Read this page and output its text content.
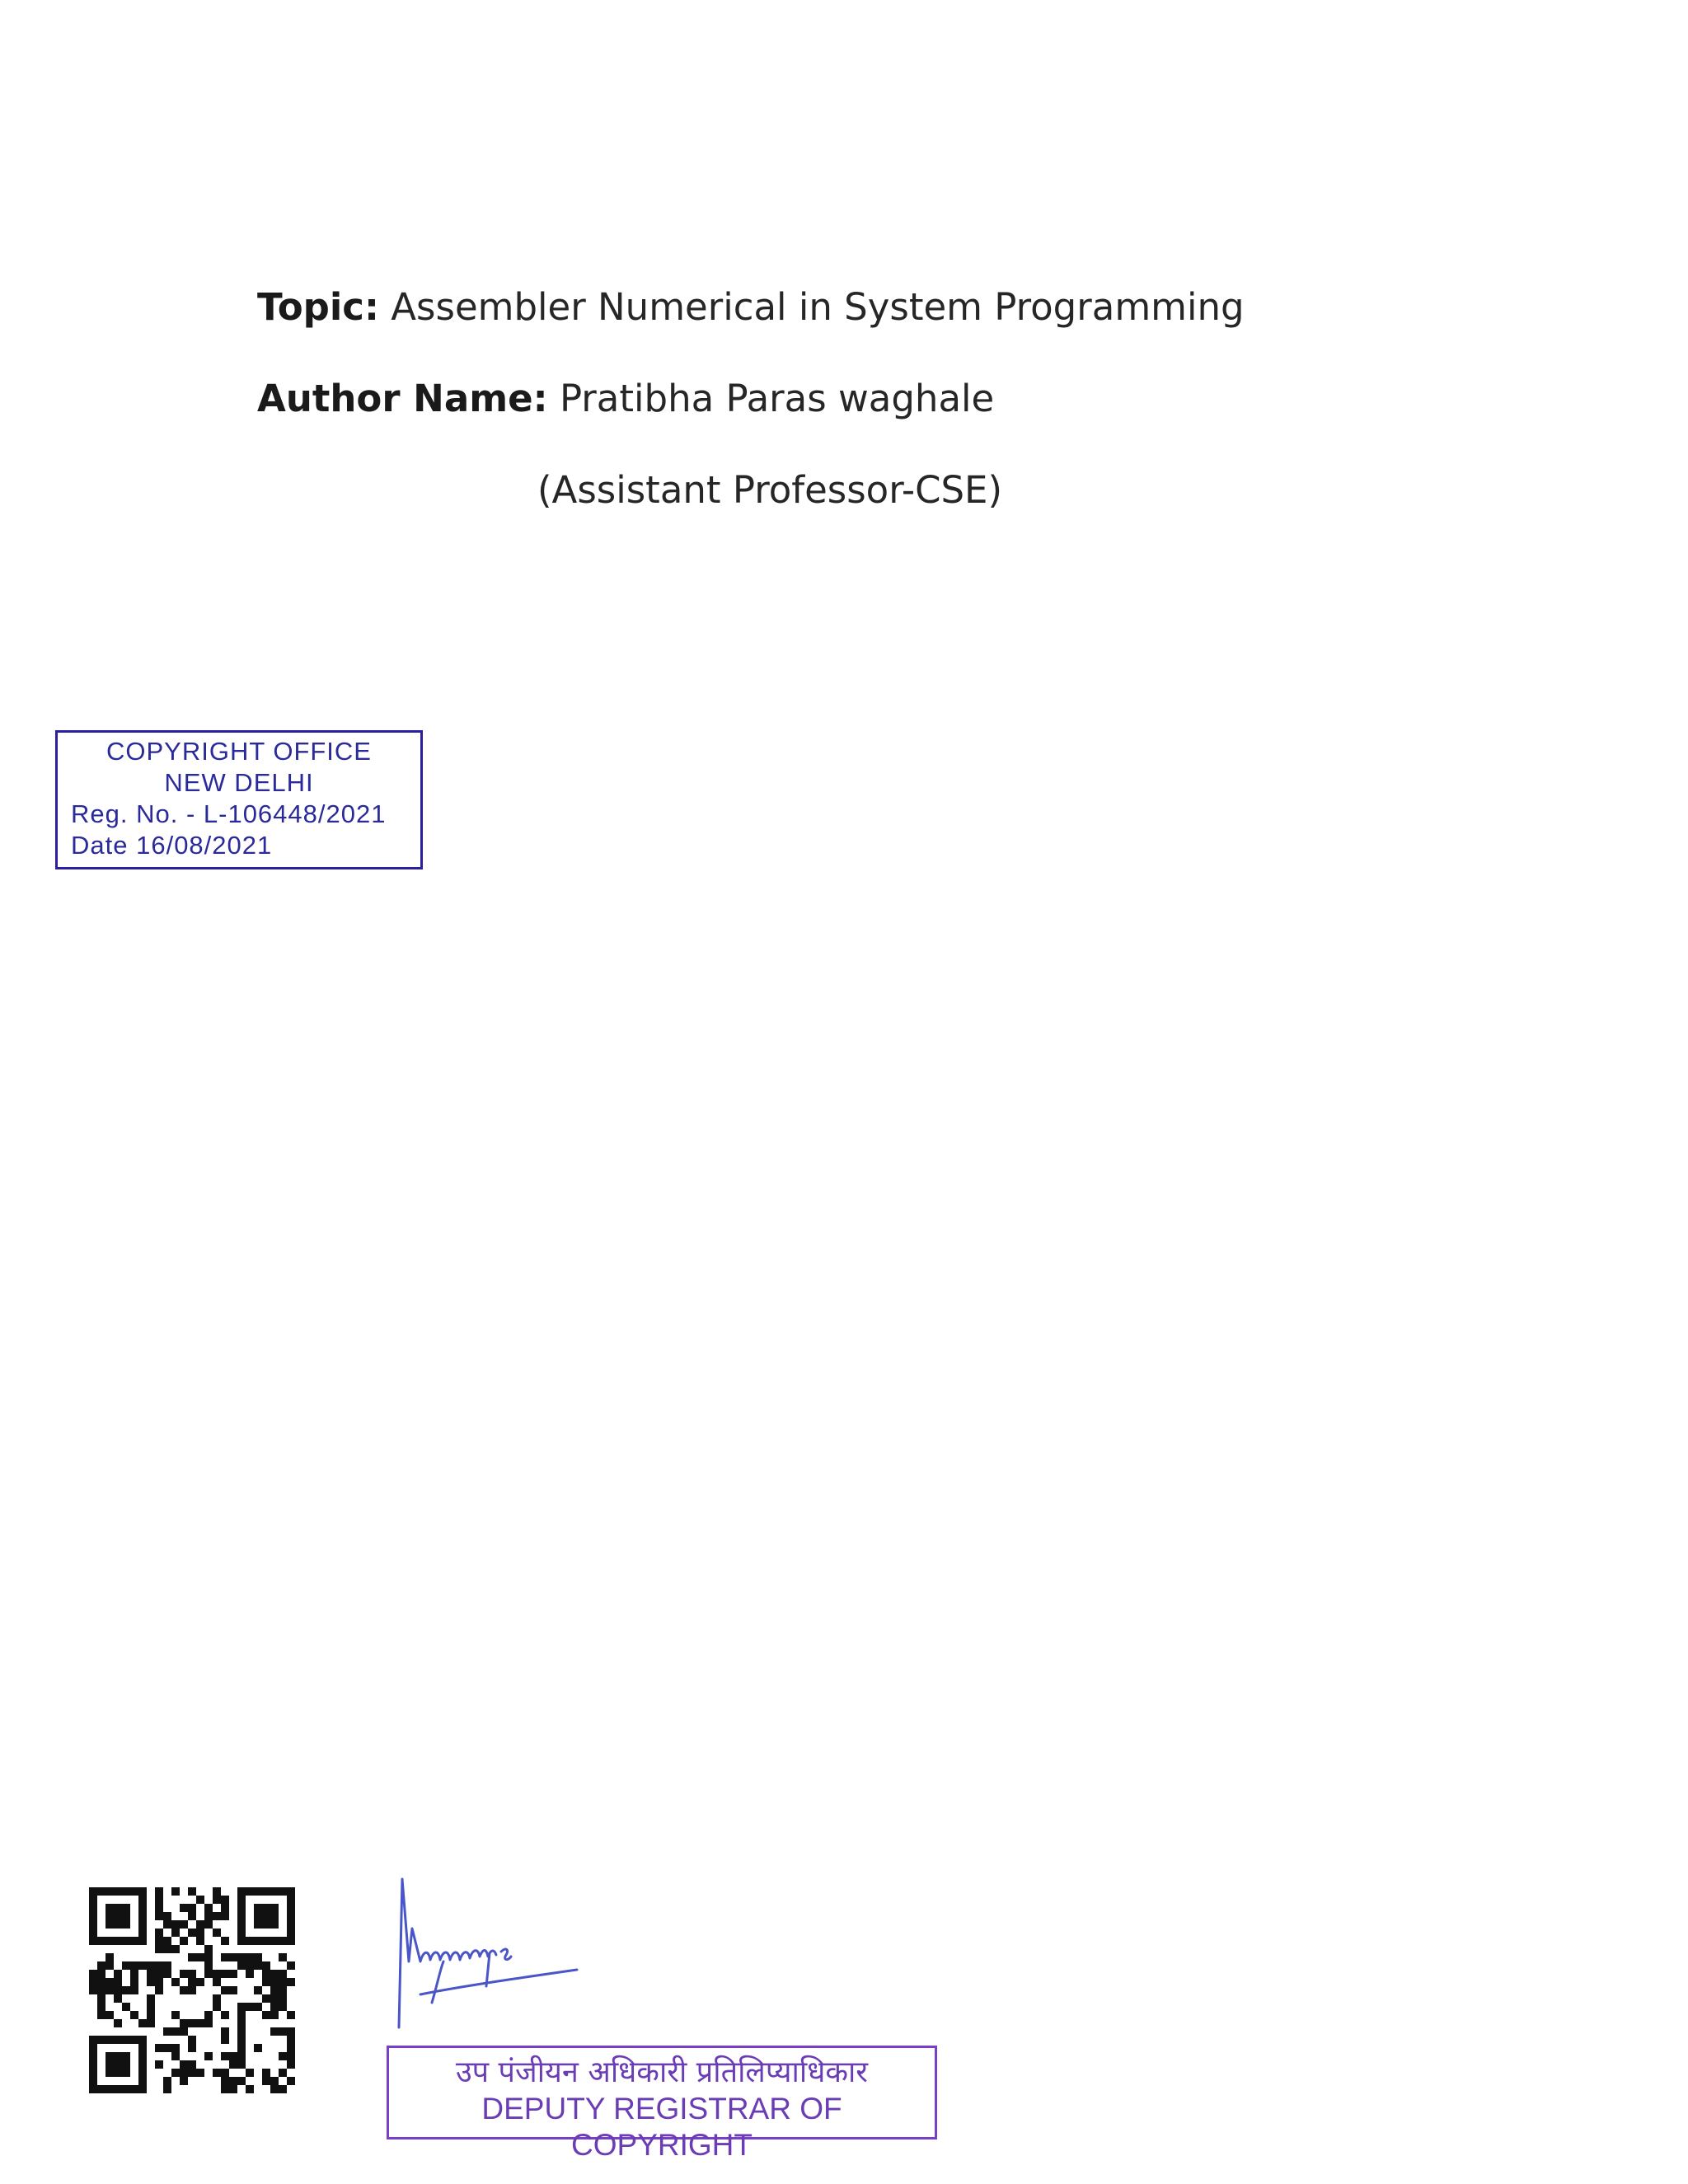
Topic: Assembler Numerical in System Programming
Author Name: Pratibha Paras waghale
(Assistant Professor-CSE)
COPYRIGHT OFFICE
NEW DELHI
Reg. No. - L-106448/2021
Date 16/08/2021
उप पंजीयन अधिकारी प्रतिलिप्याधिकार
DEPUTY REGISTRAR OF COPYRIGHT
